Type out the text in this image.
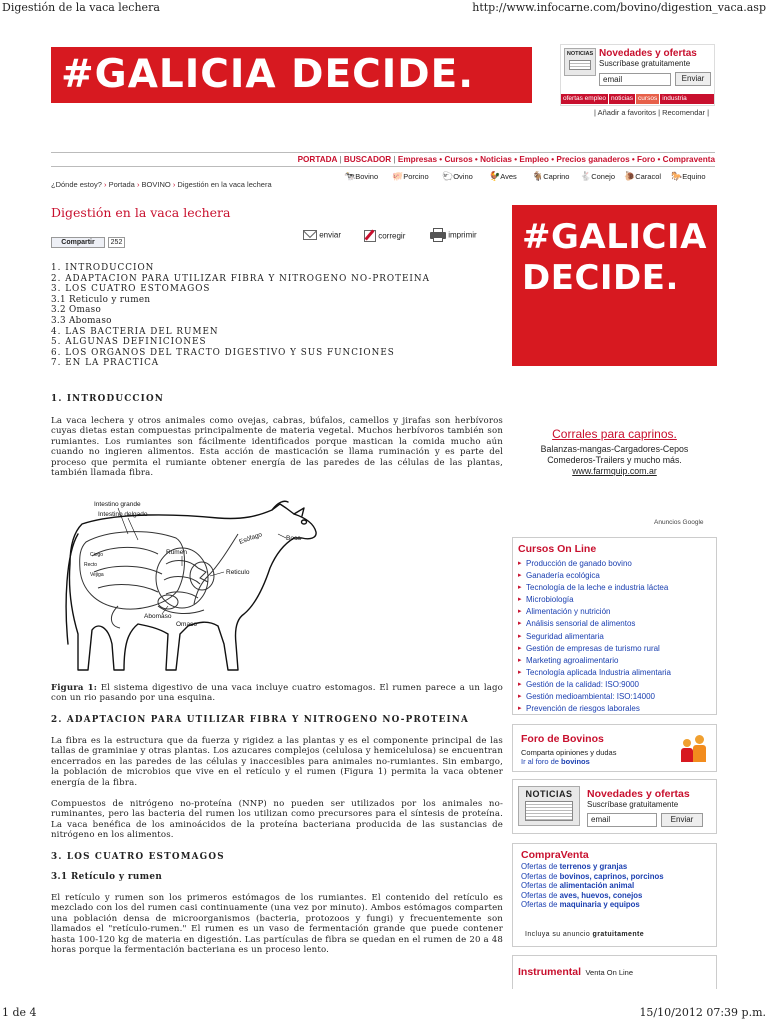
Digestión de la vaca lechera	http://www.infocarne.com/bovino/digestion_vaca.asp
#GALICIA DECIDE.	NOTICIAS Novedades y ofertas
Suscríbase gratuitamente
email	Enviar
ofertas empleo noticias cursos industria
| Añadir a favoritos | Recomendar |
PORTADA | BUSCADOR | Empresas • Cursos • Noticias • Empleo • Precios ganaderos • Foro • Compraventa
¿Dónde estoy? › Portada › BOVINO › Digestión en la vaca lechera
🐄Bovino 🐖Porcino 🐑Ovino 🐓Aves 🐐Caprino 🐇Conejo 🐌Caracol 🐎Equino
Digestión en la vaca lechera
Compartir	252
enviar	corregir	imprimir
1. INTRODUCCION
2. ADAPTACION PARA UTILIZAR FIBRA Y NITROGENO NO-PROTEINA
3. LOS CUATRO ESTOMAGOS
3.1 Reticulo y rumen
3.2 Omaso
3.3 Abomaso
4. LAS BACTERIA DEL RUMEN
5. ALGUNAS DEFINICIONES
6. LOS ORGANOS DEL TRACTO DIGESTIVO Y SUS FUNCIONES
7. EN LA PRACTICA
1. INTRODUCCION

La vaca lechera y otros animales como ovejas, cabras, búfalos, camellos y jirafas son herbívoros cuyas dietas estan compuestas principalmente de materia vegetal. Muchos herbívoros también son rumiantes. Los rumiantes son fácilmente identificados porque mastican la comida mucho aún cuando no ingieren alimentos. Esta acción de masticación se llama ruminación y es parte del proceso que permita el rumiante obtener energía de las paredes de las células de las plantas, también llamada fibra.

Intestino grande
Intestino delgado
Rumen
Esófago	Boca
Reticulo
Abomaso
Omaso
Ciego
Recto
Vejiga
Figura 1: El sistema digestivo de una vaca incluye cuatro estomagos. El rumen parece a un lago con un rio pasando por una esquina.
2. ADAPTACION PARA UTILIZAR FIBRA Y NITROGENO NO-PROTEINA

La fibra es la estructura que da fuerza y rigidez a las plantas y es el componente principal de las tallas de graminiae y otras plantas. Los azucares complejos (celulosa y hemicelulosa) se encuentran encerrados en las paredes de las células y inaccesibles para animales no-rumiantes. Sin embargo, la población de microbios que vive en el retículo y el rumen (Figura 1) permita la vaca obtener energía de la fibra.

Compuestos de nitrógeno no-proteína (NNP) no pueden ser utilizados por los animales no-ruminantes, pero las bacteria del rumen los utilizan como precursores para el síntesis de proteína. La vaca benéfica de los aminoácidos de la proteína bacteriana producida de las sustancias de nitrógeno en los alimentos.

3. LOS CUATRO ESTOMAGOS
3.1 Retículo y rumen

El retículo y rumen son los primeros estómagos de los rumiantes. El contenido del retículo es mezclado con los del rumen casi continuamente (una vez por minuto). Ambos estómagos comparten una población densa de microorganismos (bacteria, protozoos y fungi) y frecuentemente son llamados el "retículo-rumen." El rumen es un vaso de fermentación grande que puede contener hasta 100-120 kg de materia en digestión. Las partículas de fibra se quedan en el rumen de 20 a 48 horas porque la fermentación bacteriana es un proceso lento.

#GALICIA DECIDE.
Corrales para caprinos.
Balanzas-mangas-Cargadores-Cepos
Comederos-Trailers y mucho más.
www.farmquip.com.ar
Anuncios Google
Cursos On Line
▸ Producción de ganado bovino
▸ Ganadería ecológica
▸ Tecnología de la leche e industria láctea
▸ Microbiología
▸ Alimentación y nutrición
▸ Análisis sensorial de alimentos
▸ Seguridad alimentaria
▸ Gestión de empresas de turismo rural
▸ Marketing agroalimentario
▸ Tecnología aplicada Industria alimentaria
▸ Gestión de la calidad: ISO:9000
▸ Gestión medioambiental: ISO:14000
▸ Prevención de riesgos laborales
Foro de Bovinos
Comparta opiniones y dudas
Ir al foro de bovinos
NOTICIAS	Novedades y ofertas
Suscríbase gratuitamente
email	Enviar
CompraVenta
Ofertas de terrenos y granjas
Ofertas de bovinos, caprinos, porcinos
Ofertas de alimentación animal
Ofertas de aves, huevos, conejos
Ofertas de maquinaria y equipos
Incluya su anuncio gratuitamente
Instrumental Venta On Line
1 de 4	15/10/2012 07:39 p.m.
